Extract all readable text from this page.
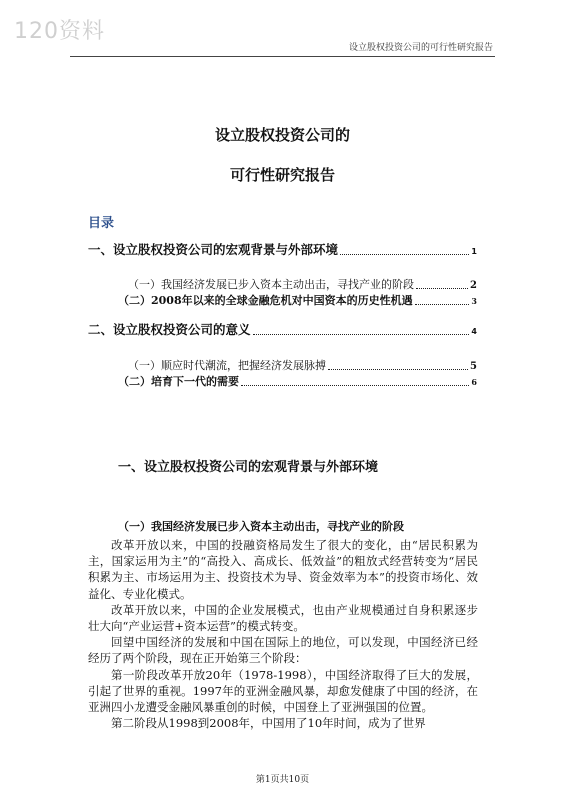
120资料
设立股权投资公司的可行性研究报告
设立股权投资公司的
可行性研究报告
目录
一、设立股权投资公司的宏观背景与外部环境	1
（一）我国经济发展已步入资本主动出击，寻找产业的阶段	2
（二）2008年以来的全球金融危机对中国资本的历史性机遇	3
二、设立股权投资公司的意义	4
（一）顺应时代潮流，把握经济发展脉搏	5
（二）培育下一代的需要	6
一、设立股权投资公司的宏观背景与外部环境
（一）我国经济发展已步入资本主动出击，寻找产业的阶段

改革开放以来，中国的投融资格局发生了很大的变化，由“居民积累为主，国家运用为主”的“高投入、高成长、低效益”的粗放式经营转变为“居民积累为主、市场运用为主、投资技术为导、资金效率为本”的投资市场化、效益化、专业化模式。

改革开放以来，中国的企业发展模式，也由产业规模通过自身积累逐步壮大向“产业运营+资本运营”的模式转变。

回望中国经济的发展和中国在国际上的地位，可以发现，中国经济已经经历了两个阶段，现在正开始第三个阶段：

第一阶段改革开放20年（1978-1998），中国经济取得了巨大的发展，引起了世界的重视。1997年的亚洲金融风暴，却愈发健康了中国的经济，在亚洲四小龙遭受金融风暴重创的时候，中国登上了亚洲强国的位置。

第二阶段从1998到2008年，中国用了10年时间，成为了世界

第1页共10页
